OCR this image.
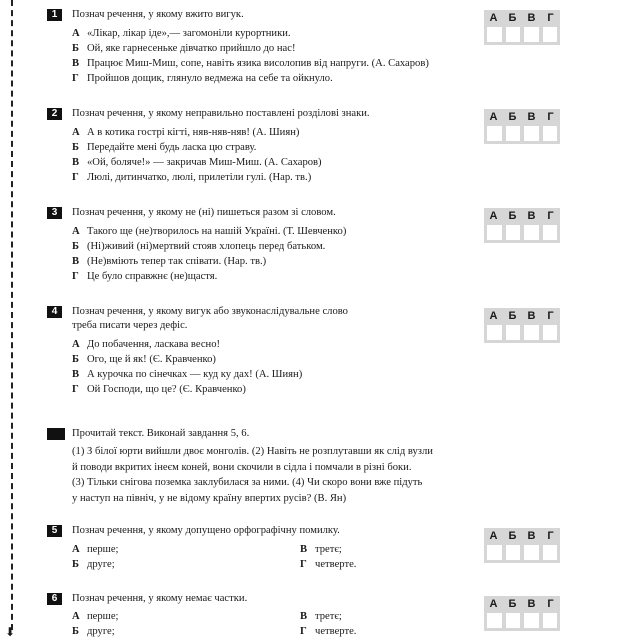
⬇
1	Познач речення, у якому вжито вигук.
А «Лікар, лікар іде»,— загомоніли курортники.
Б Ой, яке гарнесеньке дівчатко прийшло до нас!
В Працює Миш-Миш, сопе, навіть язика висолопив від напруги. (А. Сахаров)
Г Пройшов дощик, глянуло ведмежа на себе та ойкнуло.
2	Познач речення, у якому неправильно поставлені розділові знаки.
А А в котика гострі кігті, няв-няв-няв! (А. Шиян)
Б Передайте мені будь ласка цю страву.
В «Ой, боляче!» — закричав Миш-Миш. (А. Сахаров)
Г Люлі, дитинчатко, люлі, прилетіли гулі. (Нар. тв.)
3	Познач речення, у якому не (ні) пишеться разом зі словом.
А Такого ще (не)творилось на нашій Україні. (Т. Шевченко)
Б (Ні)живий (ні)мертвий стояв хлопець перед батьком.
В (Не)вміють тепер так співати. (Нар. тв.)
Г Це було справжнє (не)щастя.
4	Познач речення, у якому вигук або звуконаслідувальне слово
треба писати через дефіс.
А До побачення, ласкава весно!
Б Ого, ще й як! (Є. Кравченко)
В А курочка по сінечках — куд ку дах! (А. Шиян)
Г Ой Господи, що це? (Є. Кравченко)
Прочитай текст. Виконай завдання 5, 6.
(1) З білої юрти вийшли двоє монголів. (2) Навіть не розплутавши як слід вузли
й поводи вкритих інеєм коней, вони скочили в сідла і помчали в різні боки.
(3) Тільки снігова поземка заклубилася за ними. (4) Чи скоро вони вже підуть
у наступ на північ, у не відому країну впертих русів? (В. Ян)
5	Познач речення, у якому допущено орфографічну помилку.
А перше;
Б друге;
В третє;
Г четверте.
6	Познач речення, у якому немає частки.
А перше;
Б друге;
В третє;
Г четверте.
А	Б	В	Г
А	Б	В	Г
А	Б	В	Г
А	Б	В	Г
А	Б	В	Г
А	Б	В	Г
